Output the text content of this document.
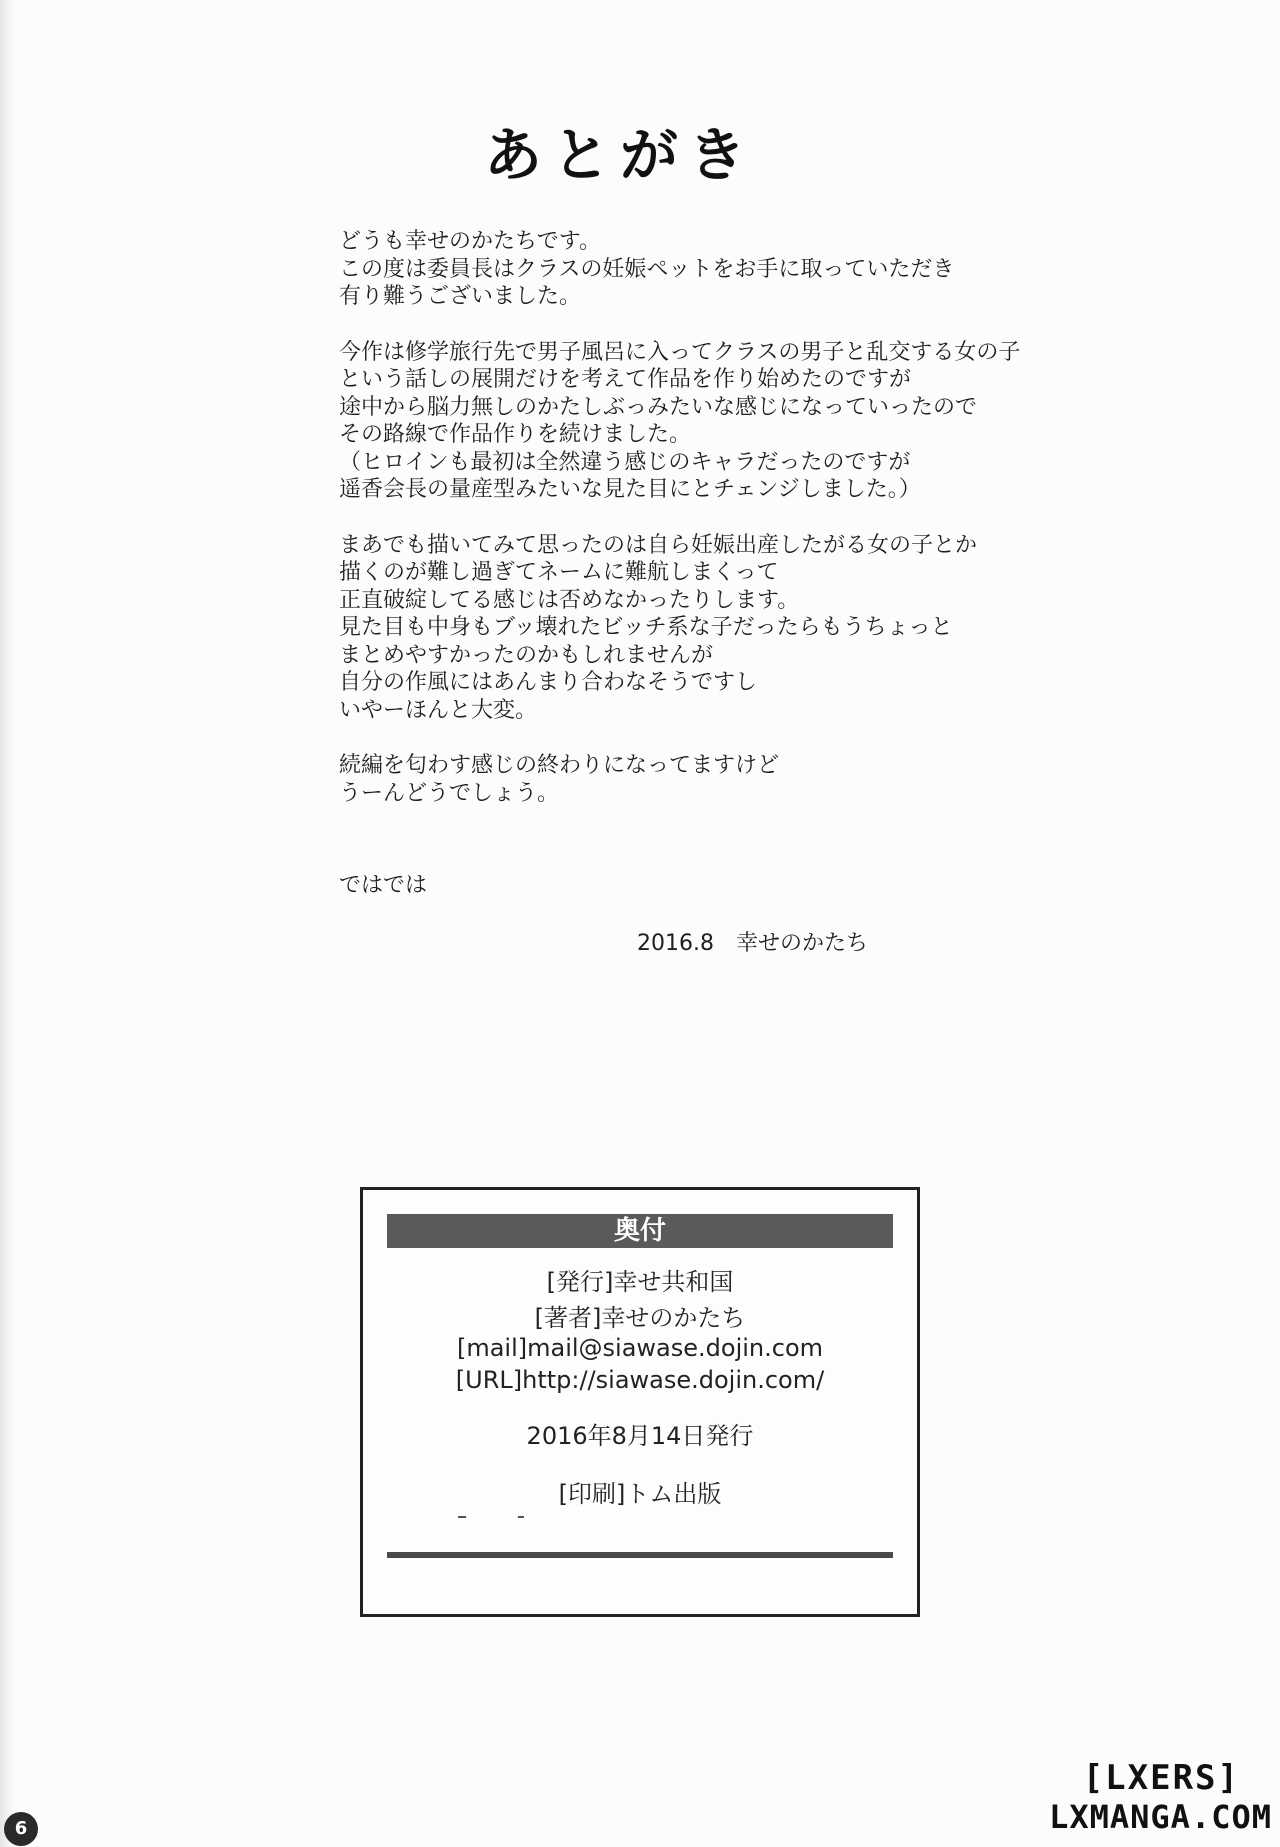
あとがき
どうも幸せのかたちです。
この度は委員長はクラスの妊娠ペットをお手に取っていただき
有り難うございました。
今作は修学旅行先で男子風呂に入ってクラスの男子と乱交する女の子
という話しの展開だけを考えて作品を作り始めたのですが
途中から脳力無しのかたしぶっみたいな感じになっていったので
その路線で作品作りを続けました。
（ヒロインも最初は全然違う感じのキャラだったのですが
遥香会長の量産型みたいな見た目にとチェンジしました。）
まあでも描いてみて思ったのは自ら妊娠出産したがる女の子とか
描くのが難し過ぎてネームに難航しまくって
正直破綻してる感じは否めなかったりします。
見た目も中身もブッ壊れたビッチ系な子だったらもうちょっと
まとめやすかったのかもしれませんが
自分の作風にはあんまり合わなそうですし
いやーほんと大変。
続編を匂わす感じの終わりになってますけど
うーんどうでしょう。
ではでは
2016.8 幸せのかたち
奥付
[発行]幸せ共和国
[著者]幸せのかたち
[mail]mail@siawase.dojin.com
[URL]http://siawase.dojin.com/
2016年8月14日発行
[印刷]トム出版
6
[LXERS]
LXMANGA.COM
